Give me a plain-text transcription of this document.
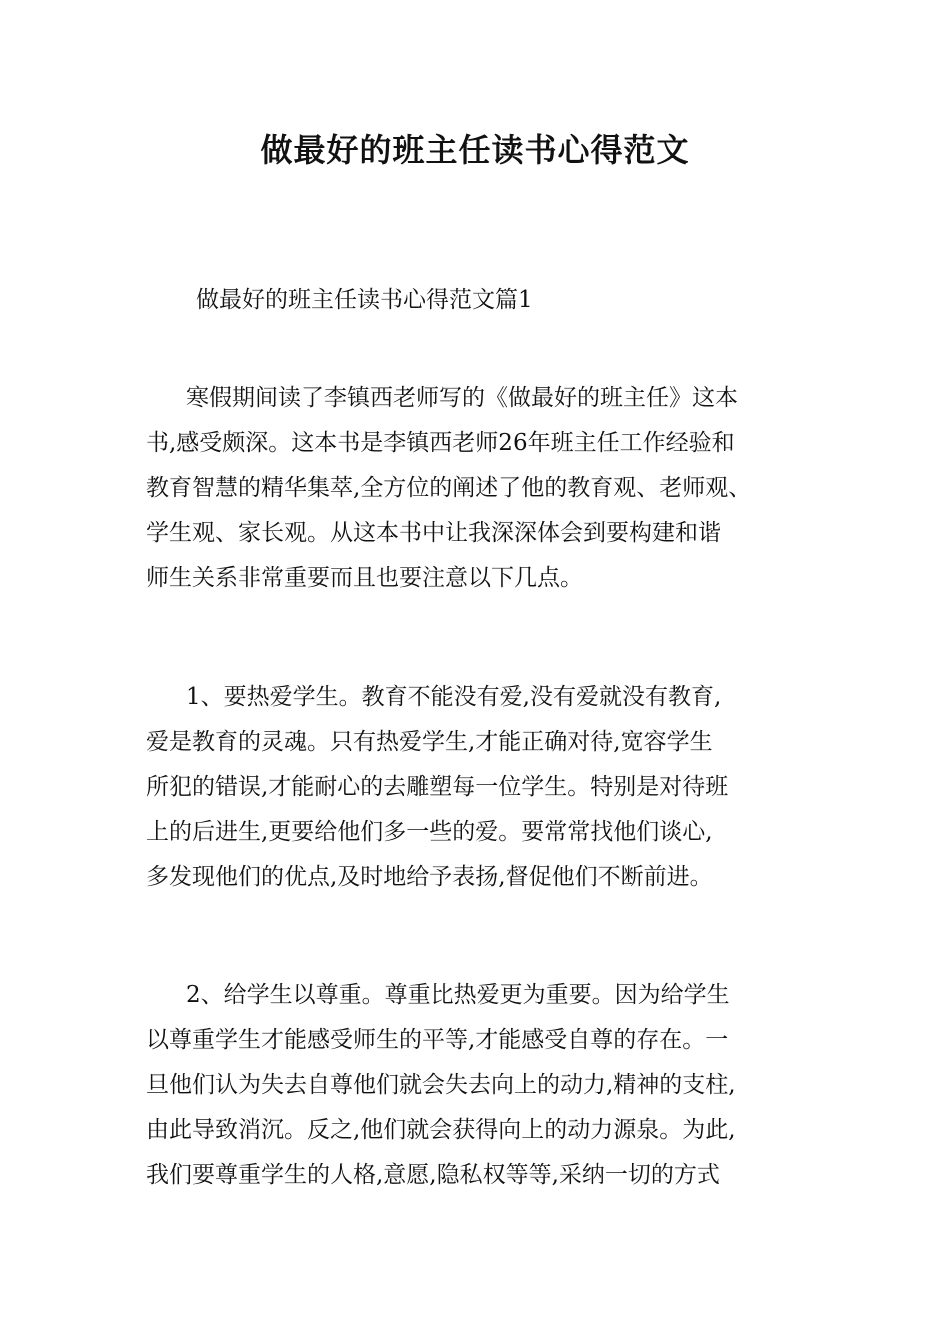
做最好的班主任读书心得范文

做最好的班主任读书心得范文篇1

寒假期间读了李镇西老师写的《做最好的班主任》这本
书,感受颇深。这本书是李镇西老师26年班主任工作经验和
教育智慧的精华集萃,全方位的阐述了他的教育观、老师观、
学生观、家长观。从这本书中让我深深体会到要构建和谐
师生关系非常重要而且也要注意以下几点。
1、要热爱学生。教育不能没有爱,没有爱就没有教育,
爱是教育的灵魂。只有热爱学生,才能正确对待,宽容学生
所犯的错误,才能耐心的去雕塑每一位学生。特别是对待班
上的后进生,更要给他们多一些的爱。要常常找他们谈心,
多发现他们的优点,及时地给予表扬,督促他们不断前进。
2、给学生以尊重。尊重比热爱更为重要。因为给学生
以尊重学生才能感受师生的平等,才能感受自尊的存在。一
旦他们认为失去自尊他们就会失去向上的动力,精神的支柱,
由此导致消沉。反之,他们就会获得向上的动力源泉。为此,
我们要尊重学生的人格,意愿,隐私权等等,采纳一切的方式
